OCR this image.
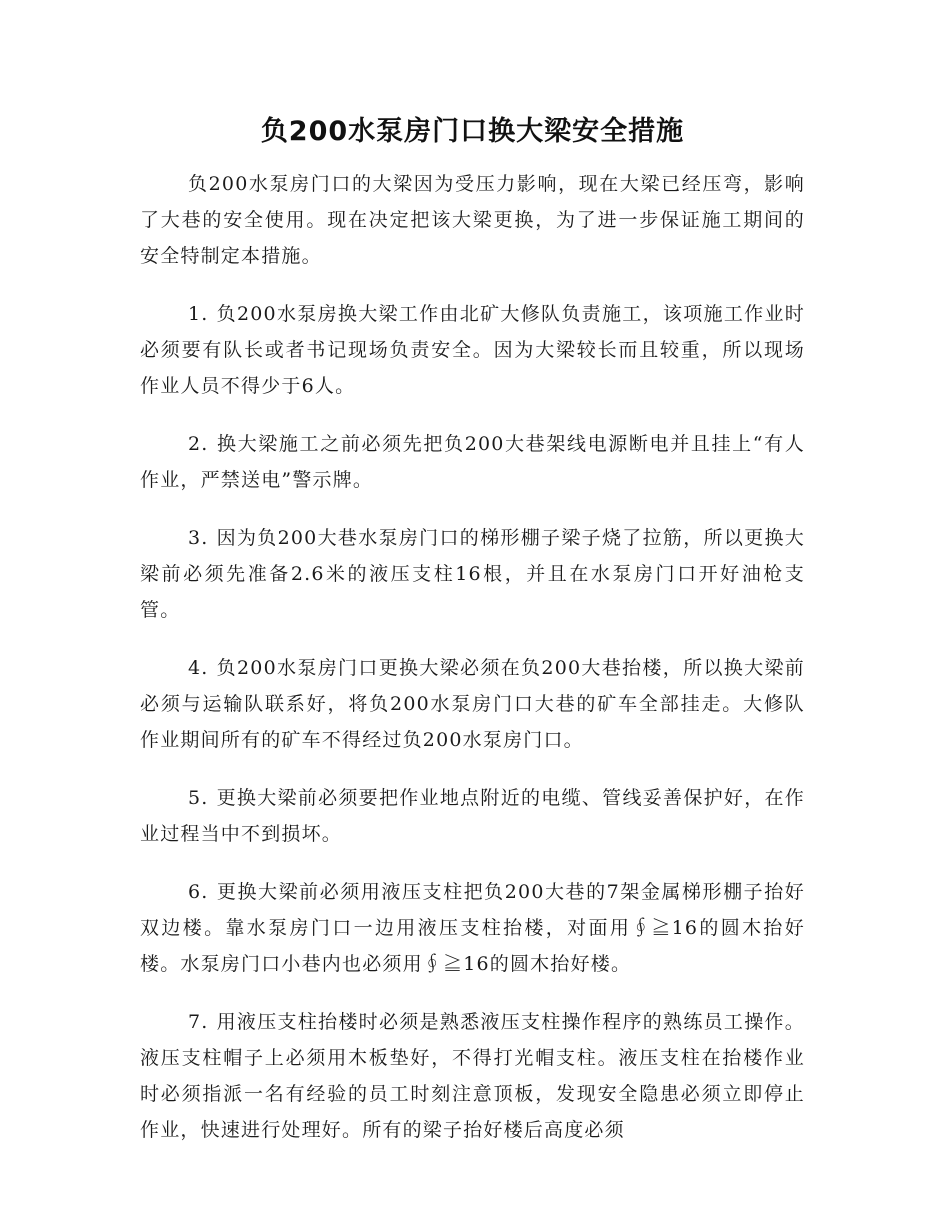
负200水泵房门口换大梁安全措施

负200水泵房门口的大梁因为受压力影响，现在大梁已经压弯，影响了大巷的安全使用。现在决定把该大梁更换，为了进一步保证施工期间的安全特制定本措施。

1. 负200水泵房换大梁工作由北矿大修队负责施工，该项施工作业时必须要有队长或者书记现场负责安全。因为大梁较长而且较重，所以现场作业人员不得少于6人。

2. 换大梁施工之前必须先把负200大巷架线电源断电并且挂上“有人作业，严禁送电”警示牌。

3. 因为负200大巷水泵房门口的梯形棚子梁子烧了拉筋，所以更换大梁前必须先准备2.6米的液压支柱16根，并且在水泵房门口开好油枪支管。

4. 负200水泵房门口更换大梁必须在负200大巷抬楼，所以换大梁前必须与运输队联系好，将负200水泵房门口大巷的矿车全部挂走。大修队作业期间所有的矿车不得经过负200水泵房门口。

5. 更换大梁前必须要把作业地点附近的电缆、管线妥善保护好，在作业过程当中不到损坏。

6. 更换大梁前必须用液压支柱把负200大巷的7架金属梯形棚子抬好双边楼。靠水泵房门口一边用液压支柱抬楼，对面用∮≧16的圆木抬好楼。水泵房门口小巷内也必须用∮≧16的圆木抬好楼。

7. 用液压支柱抬楼时必须是熟悉液压支柱操作程序的熟练员工操作。液压支柱帽子上必须用木板垫好，不得打光帽支柱。液压支柱在抬楼作业时必须指派一名有经验的员工时刻注意顶板，发现安全隐患必须立即停止作业，快速进行处理好。所有的梁子抬好楼后高度必须
